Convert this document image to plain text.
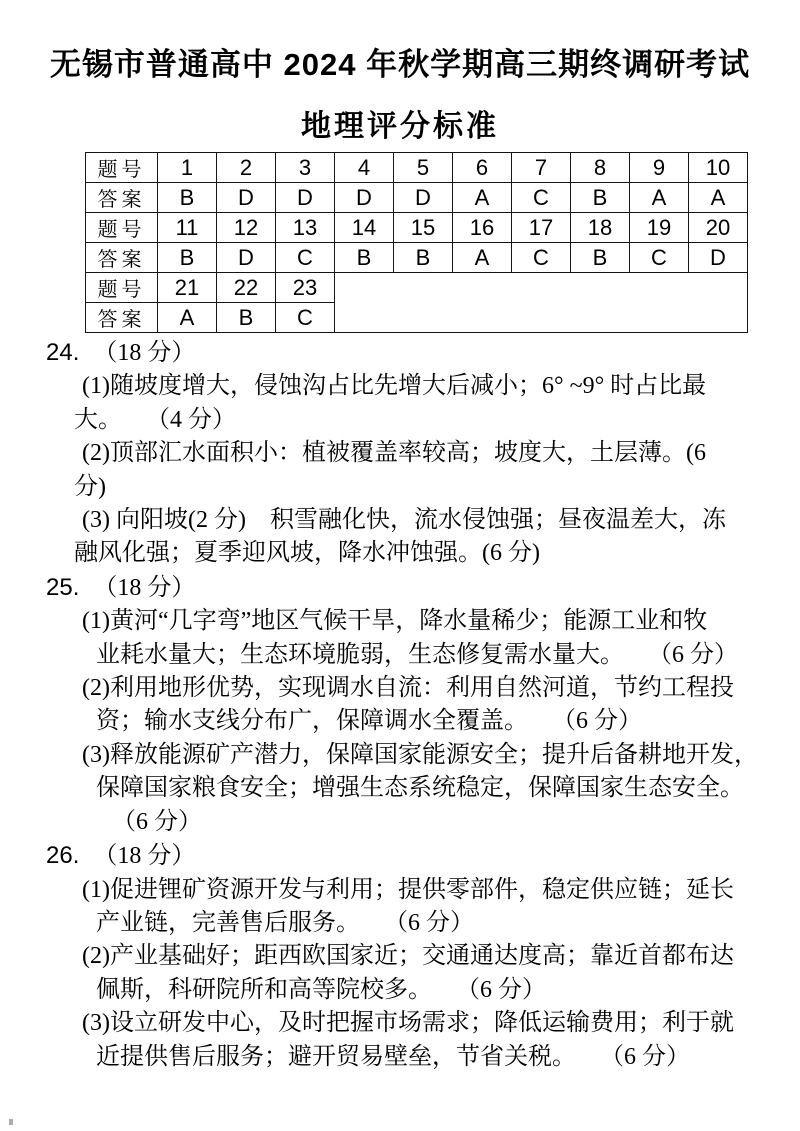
无锡市普通高中 2024 年秋学期高三期终调研考试
地理评分标准
题号	1	2	3	4	5	6	7	8	9	10
答案	B	D	D	D	D	A	C	B	A	A
题号	11	12	13	14	15	16	17	18	19	20
答案	B	D	C	B	B	A	C	B	C	D
题号	21	22	23							
答案	A	B	C							
24. （18 分）
(1)随坡度增大，侵蚀沟占比先增大后减小；6° ~9° 时占比最
大。　　（4 分）
(2)顶部汇水面积小：植被覆盖率较高；坡度大，土层薄。(6
分)
(3) 向阳坡(2 分)　积雪融化快，流水侵蚀强；昼夜温差大，冻
融风化强；夏季迎风坡，降水冲蚀强。(6 分)
25. （18 分）
(1)黄河“几字弯”地区气候干旱，降水量稀少；能源工业和牧
业耗水量大；生态环境脆弱，生态修复需水量大。　　（6 分）
(2)利用地形优势，实现调水自流：利用自然河道，节约工程投
资；输水支线分布广，保障调水全覆盖。　　（6 分）
(3)释放能源矿产潜力，保障国家能源安全；提升后备耕地开发，
保障国家粮食安全；增强生态系统稳定，保障国家生态安全。
（6 分）
26. （18 分）
(1)促进锂矿资源开发与利用；提供零部件，稳定供应链；延长
产业链，完善售后服务。　　（6 分）
(2)产业基础好；距西欧国家近；交通通达度高；靠近首都布达
佩斯，科研院所和高等院校多。　　（6 分）
(3)设立研发中心，及时把握市场需求；降低运输费用；利于就
近提供售后服务；避开贸易壁垒，节省关税。　　（6 分）
